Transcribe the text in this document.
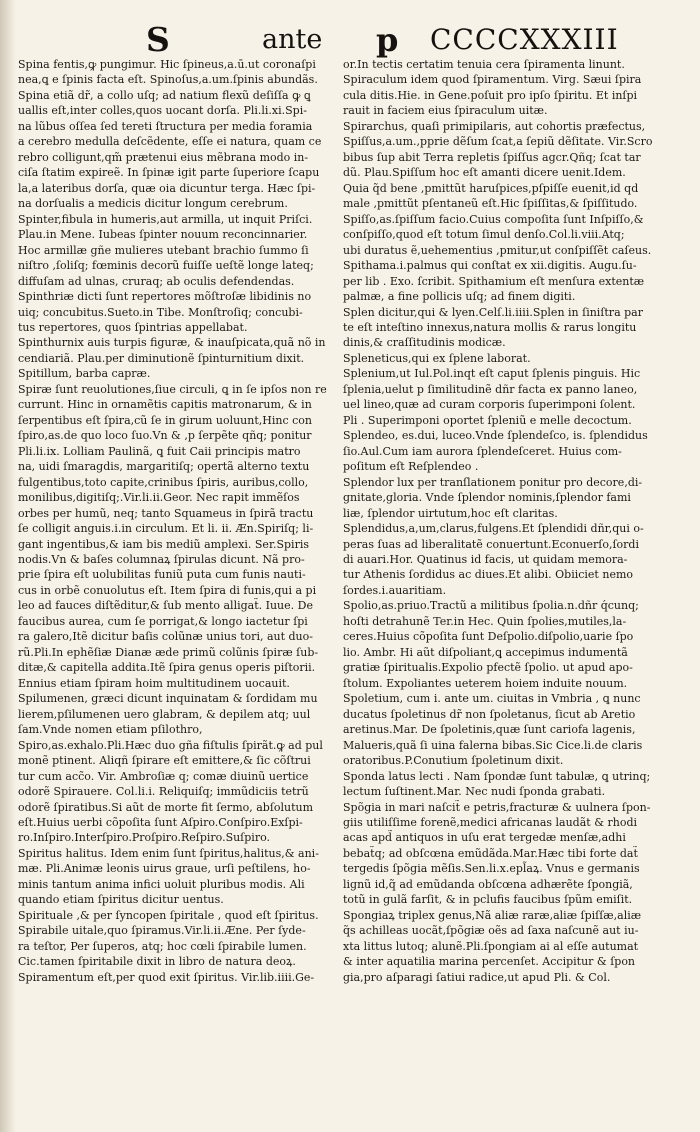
S	ante p CCCCXXXIII
Spina fentis,ꝙ pungimur. Hic ſpineus,a.ū.ut coronaſpi
nea,ꝗ e ſpinis facta eſt. Spinoſus,a.um.ſpinis abundãs.
Spina etiã dr̃, a collo uſq; ad natium flexũ deſiſſa ꝙ ꝗ
uallis eſt,inter colles,quos uocant dorſa. Pli.li.xi.Spi-
na lũbus oſſea ſed tereti ſtructura per media foramia
a cerebro medulla deſcẽdente, eſſe ei natura, quam ce
rebro colligunt,qm̃ prætenui eius mẽbrana modo in-
ciſa ſtatim expireẽ. In ſpinæ igit parte ſuperiore ſcapu
la,a lateribus dorſa, quæ oia dicuntur terga. Hæc ſpi-
na dorſualis a medicis dicitur longum cerebrum.
Spinter,fibula in humeris,aut armilla, ut inquit Priſci.
Plau.in Mene. Iubeas ſpinter nouum reconcinnarier.
Hoc armillæ gñe mulieres utebant brachio ſummo ſi
niſtro ,ſoliſq; fœminis decorũ fuiſſe ueſtẽ longe lateq;
diffuſam ad ulnas, cruraq; ab oculis defendendas.
Spinthriæ dicti ſunt repertores mõſtroſæ libidinis no
uiq; concubitus.Sueto.in Tibe. Monſtroſiq; concubi-
tus repertores, quos ſpintrias appellabat.
Spinthurnix auis turpis figuræ, & inauſpicata,quã nõ in
cendiariã. Plau.per diminutionẽ ſpinturnitium dixit.
Spitillum, barba capræ.
Spiræ ſunt reuolutiones,ſiue circuli, ꝗ in ſe ipſos non re
currunt. Hinc in ornamẽtis capitis matronarum, & in
ſerpentibus eſt ſpira,cũ ſe in girum uoluunt,Hinc con
ſpiro,as.de quo loco ſuo.Vn & ,p ſerpẽte qñq; ponitur
Pli.li.ix. Lolliam Paulinã, ꝗ fuit Caii principis matro
na, uidi ſmaragdis, margaritiſq; opertã alterno textu
fulgentibus,toto capite,crinibus ſpiris, auribus,collo,
monilibus,digitiſq;.Vir.li.ii.Geor. Nec rapit immẽſos
orbes per humũ, neq; tanto Squameus in ſpirã tractu
ſe colligit anguis.i.in circulum. Et li. ii. Æn.Spiriſq; li-
gant ingentibus,& iam bis mediũ amplexi. Ser.Spiris
nodis.Vn & baſes columnaꝝ ſpirulas dicunt. Nã pro-
prie ſpira eſt uolubilitas funiũ puta cum funis nauti-
cus in orbẽ conuolutus eſt. Item ſpira di funis,qui a pi
leo ad fauces diſtẽditur,& ſub mento alligat̃. Iuue. De
faucibus aurea, cum ſe porrigat,& longo iactetur ſpi
ra galero,Itẽ dicitur baſis colũnæ unius tori, aut duo-
rũ.Pli.In ephẽſiæ Dianæ æde primũ colũnis ſpiræ ſub-
ditæ,& capitella addita.Itẽ ſpira genus operis piſtorii.
Ennius etiam ſpiram hoim multitudinem uocauit.
Spilumenen, græci dicunt inquinatam & ſordidam mu
lierem,pſilumenen uero glabram, & depilem atq; uul
ſam.Vnde nomen etiam pſilothro,
Spiro,as.exhalo.Pli.Hæc duo gña fiſtulis ſpirãt.ꝙ ad pul
monẽ ptinent. Aliqñ ſpirare eſt emittere,& ſic cõſtrui
tur cum acc̃o. Vir. Ambroſiæ q; comæ diuinũ uertice
odorẽ Spirauere. Col.li.i. Reliquiſq; immũdiciis tetrũ
odorẽ ſpiratibus.Si aũt de morte fit ſermo, abſolutum
eſt.Huius uerbi cõpoſita ſunt Aſpiro.Conſpiro.Exſpi-
ro.Inſpiro.Interſpiro.Proſpiro.Reſpiro.Suſpiro.
Spiritus halitus. Idem enim ſunt ſpiritus,halitus,& ani-
mæ. Pli.Animæ leonis uirus graue, urſi peſtilens, ho-
minis tantum anima infici uoluit pluribus modis. Ali
quando etiam ſpiritus dicitur uentus.
Spirituale ,& per ſyncopen ſpiritale , quod eſt ſpiritus.
Spirabile uitale,quo ſpiramus.Vir.li.ii.Æne. Per ſyde-
ra teſtor, Per ſuperos, atq; hoc cœli ſpirabile lumen.
Cic.tamen ſpiritabile dixit in libro de natura deoꝝ.
Spiramentum eſt,per quod exit ſpiritus. Vir.lib.iiii.Ge-
or.In tectis certatim tenuia cera ſpiramenta linunt.
Spiraculum idem quod ſpiramentum. Virg. Sæui ſpira
cula ditis.Hie. in Gene.poſuit pro ipſo ſpiritu. Et inſpi
rauit in faciem eius ſpiraculum uitæ.
Spirarchus, quaſi primipilaris, aut cohortis præfectus,
Spiſſus,a.um.,pprie dẽſum ſcat,a ſepiũ dẽſitate. Vir.Scro
bibus ſup abit Terra repletis ſpiſſus agcr.Qñq; ſcat tar
dũ. Plau.Spiſſum hoc eſt amanti dicere uenit.Idem.
Quia q̃d bene ,pmittũt haruſpices,pſpiſſe euenit,id qd
male ,pmittũt pſentaneũ eſt.Hic ſpiſſitas,& ſpiſſitudo.
Spiſſo,as.ſpiſſum facio.Cuius compoſita ſunt Inſpiſſo,&
conſpiſſo,quod eſt totum ſimul denſo.Col.li.viii.Atq;
ubi duratus ẽ,uehementius ,pmitur,ut conſpiſſẽt caſeus.
Spithama.i.palmus qui conſtat ex xii.digitis. Augu.ſu-
per lib . Exo. ſcribit. Spithamium eſt menſura extentæ
palmæ, a fine pollicis uſq; ad finem digiti.
Splen dicitur,qui & lyen.Celſ.li.iiii.Splen in ſiniſtra par
te eſt inteſtino innexus,natura mollis & rarus longitu
dinis,& craſſitudinis modicæ.
Spleneticus,qui ex ſplene laborat.
Splenium,ut Iul.Pol.inqt eſt caput ſplenis pinguis. Hic
ſplenia,uelut p ſimilitudinẽ dñr facta ex panno laneo,
uel lineo,quæ ad curam corporis ſuperimponi ſolent.
Pli . Superimponi oportet ſpleniũ e melle decoctum.
Splendeo, es.dui, luceo.Vnde ſplendeſco, is. ſplendidus
ſio.Aul.Cum iam aurora ſplendeſceret. Huius com-
poſitum eſt Reſplendeo .
Splendor lux per tranſlationem ponitur pro decore,di-
gnitate,gloria. Vnde ſplendor nominis,ſplendor fami
liæ, ſplendor uirtutum,hoc eſt claritas.
Splendidus,a,um,clarus,fulgens.Et ſplendidi dñr,qui o-
peras ſuas ad liberalitatẽ conuertunt.Econuerſo,ſordi
di auari.Hor. Quatinus id facis, ut quidam memora-
tur Athenis ſordidus ac diues.Et alibi. Obiiciet nemo
ſordes.i.auaritiam.
Spolio,as.priuo.Tractũ a militibus ſpolia.n.dñr q́cunq;
hoſti detrahunẽ Ter.in Hec. Quin ſpolies,mutiles,la-
ceres.Huius cõpoſita ſunt Deſpolio.diſpolio,uarie ſpo
lio. Ambr. Hi aũt diſpoliant,ꝗ accepimus indumentã
gratiæ ſpiritualis.Expolio pfectẽ ſpolio. ut apud apo-
ſtolum. Expoliantes ueterem hoiem induite nouum.
Spoletium, cum i. ante um. ciuitas in Vmbria , ꝗ nunc
ducatus ſpoletinus dr̃ non ſpoletanus, ſicut ab Aretio
aretinus.Mar. De ſpoletinis,quæ ſunt cariofa lagenis,
Malueris,quã ſi uina falerna bibas.Sic Cice.li.de claris
oratoribus.P.Conutium ſpoletinum dixit.
Sponda latus lecti . Nam ſpondæ ſunt tabulæ, ꝗ utrinq;
lectum ſuſtinent.Mar. Nec nudi ſponda grabati.
Spõgia in mari naſcit̃ e petris,fracturæ & uulnera ſpon-
giis utiliſſime forenẽ,medici africanas laudãt & rhodi
acas apd̃ antiquos in uſu erat tergedæ menſæ,adhi
bebat̃q; ad obſcœna emũdãda.Mar.Hæc tibi forte dat̃
tergedis ſpõgia mẽſis.Sen.li.x.epl̃aꝝ. Vnus e germanis
lignũ id,q̃ ad emũdanda obſcœna adhærẽte ſpongiã,
totũ in gulã farſit, & in pclufis faucibus ſpũm emiſit.
Spongiaꝝ triplex genus,Nã aliæ raræ,aliæ ſpiſſæ,aliæ
q̃s achilleas uocãt,ſpõgiæ oẽs ad ſaxa naſcunẽ aut iu-
xta littus lutoq; alunẽ.Pli.ſpongiam ai al eſſe autumat
& inter aquatilia marina percenſet. Accipitur & ſpon
gia,pro aſparagi ſatiui radice,ut apud Pli. & Col.
